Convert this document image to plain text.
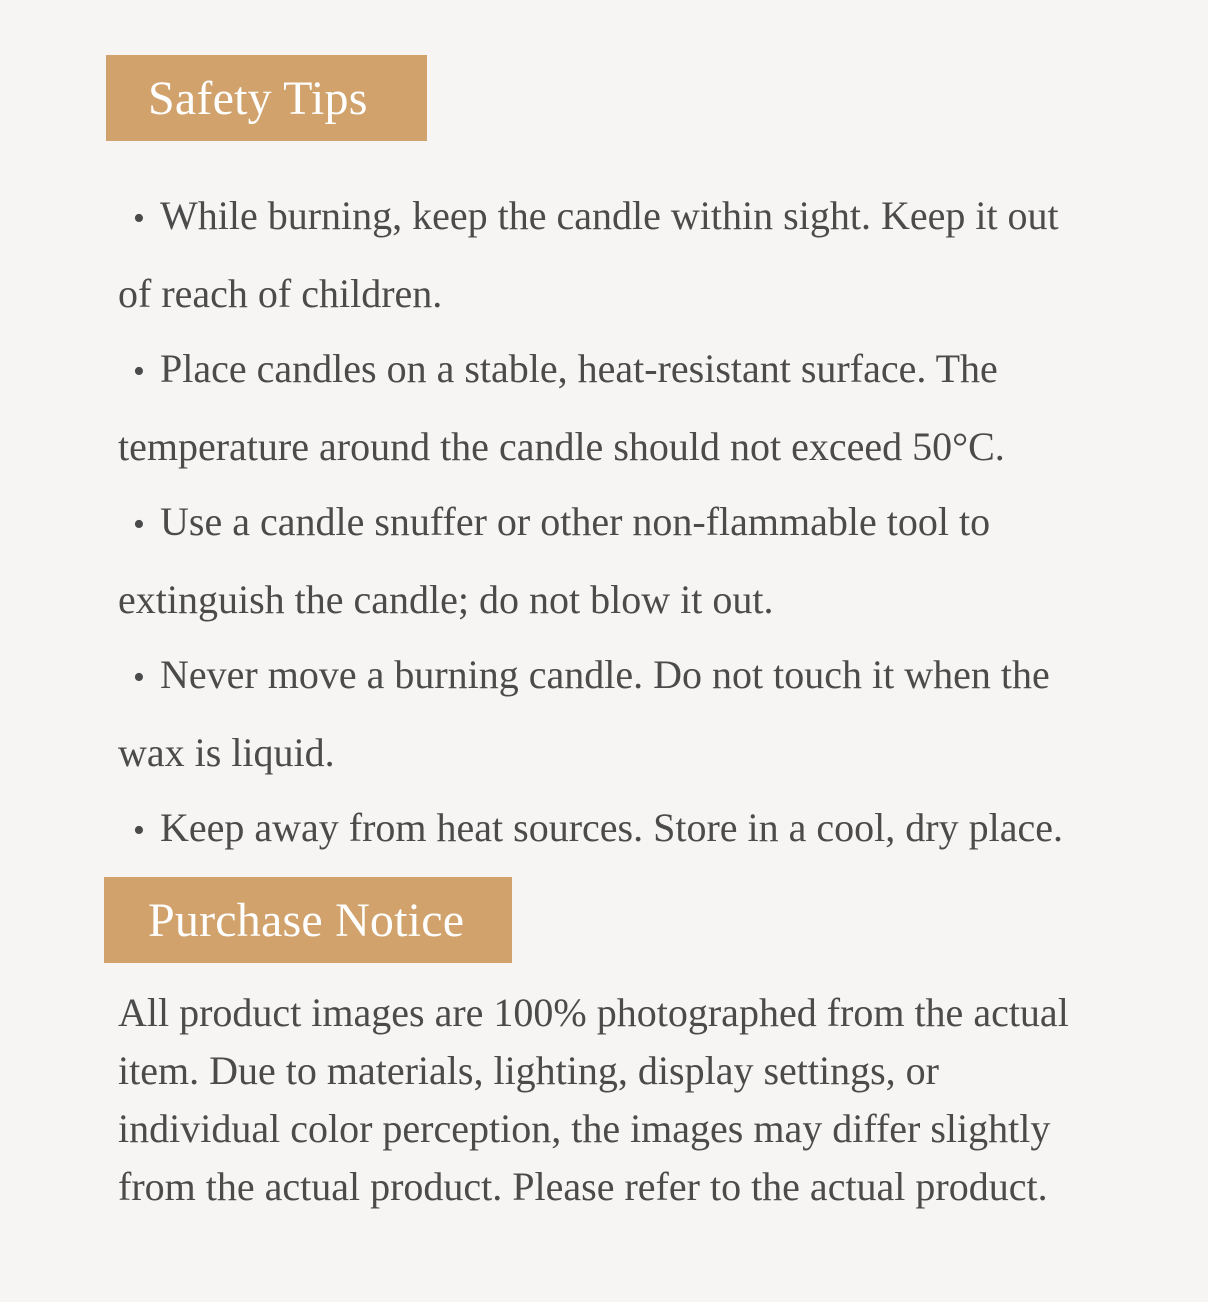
Safety Tips
• While burning, keep the candle within sight. Keep it out of reach of children.
• Place candles on a stable, heat-resistant surface. The temperature around the candle should not exceed 50°C.
• Use a candle snuffer or other non-flammable tool to extinguish the candle; do not blow it out.
• Never move a burning candle. Do not touch it when the wax is liquid.
• Keep away from heat sources. Store in a cool, dry place.
Purchase Notice

All product images are 100% photographed from the actual item. Due to materials, lighting, display settings, or individual color perception, the images may differ slightly from the actual product. Please refer to the actual product.
